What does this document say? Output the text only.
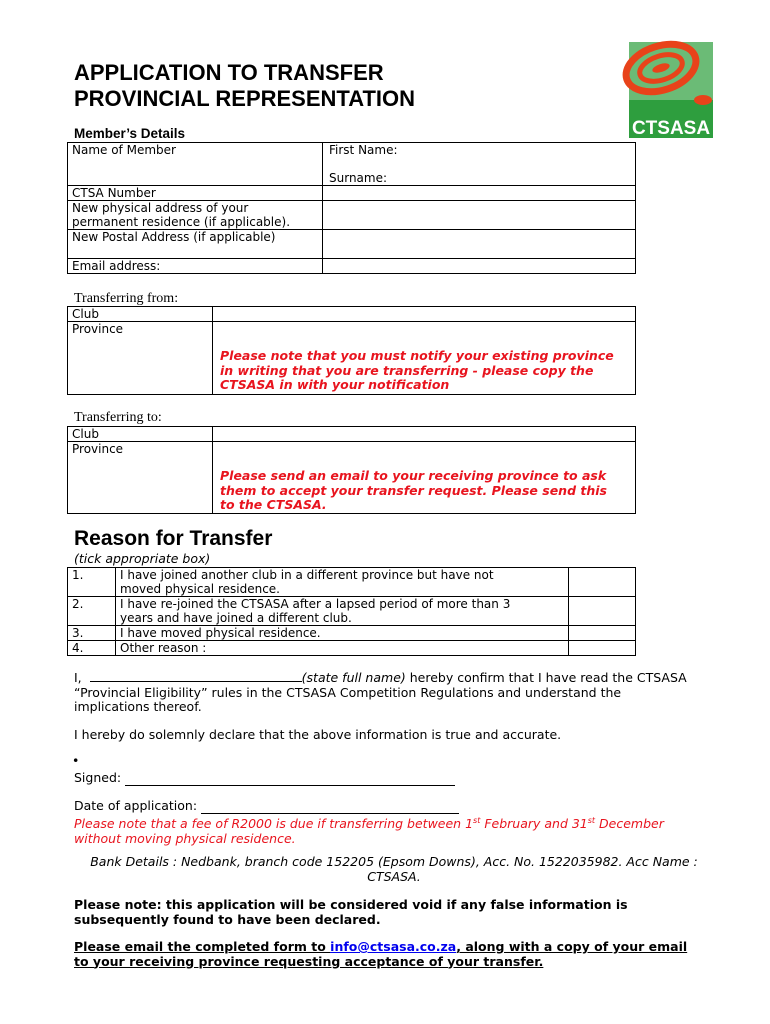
APPLICATION TO TRANSFER
PROVINCIAL REPRESENTATION
CTSASA
Member’s Details
Name of Member	First Name:
Surname:

CTSA Number	

New physical address of your
permanent residence (if applicable).	

New Postal Address (if applicable)	
Email address:	
Transferring from:
Club	
Province	Please note that you must notify your existing province
in writing that you are transferring - please copy the
CTSASA in with your notification
Transferring to:
Club	
Province	Please send an email to your receiving province to ask
them to accept your transfer request. Please send this
to the CTSASA.
Reason for Transfer
(tick appropriate box)
1.	I have joined another club in a different province but have not
moved physical residence.	

2.	I have re-joined the CTSASA after a lapsed period of more than 3
years and have joined a different club.	

3.	I have moved physical residence.	
4.	Other reason :	
I,	(state full name) hereby confirm that I have read the CTSASA
“Provincial Eligibility” rules in the CTSASA Competition Regulations and understand the
implications thereof.
I hereby do solemnly declare that the above information is true and accurate.
•
Signed:
Date of application:
Please note that a fee of R2000 is due if transferring between 1st February and 31st December
without moving physical residence.
Bank Details : Nedbank, branch code 152205 (Epsom Downs), Acc. No. 1522035982. Acc Name :
CTSASA.
Please note: this application will be considered void if any false information is
subsequently found to have been declared.
Please email the completed form to info@ctsasa.co.za, along with a copy of your email
to your receiving province requesting acceptance of your transfer.
